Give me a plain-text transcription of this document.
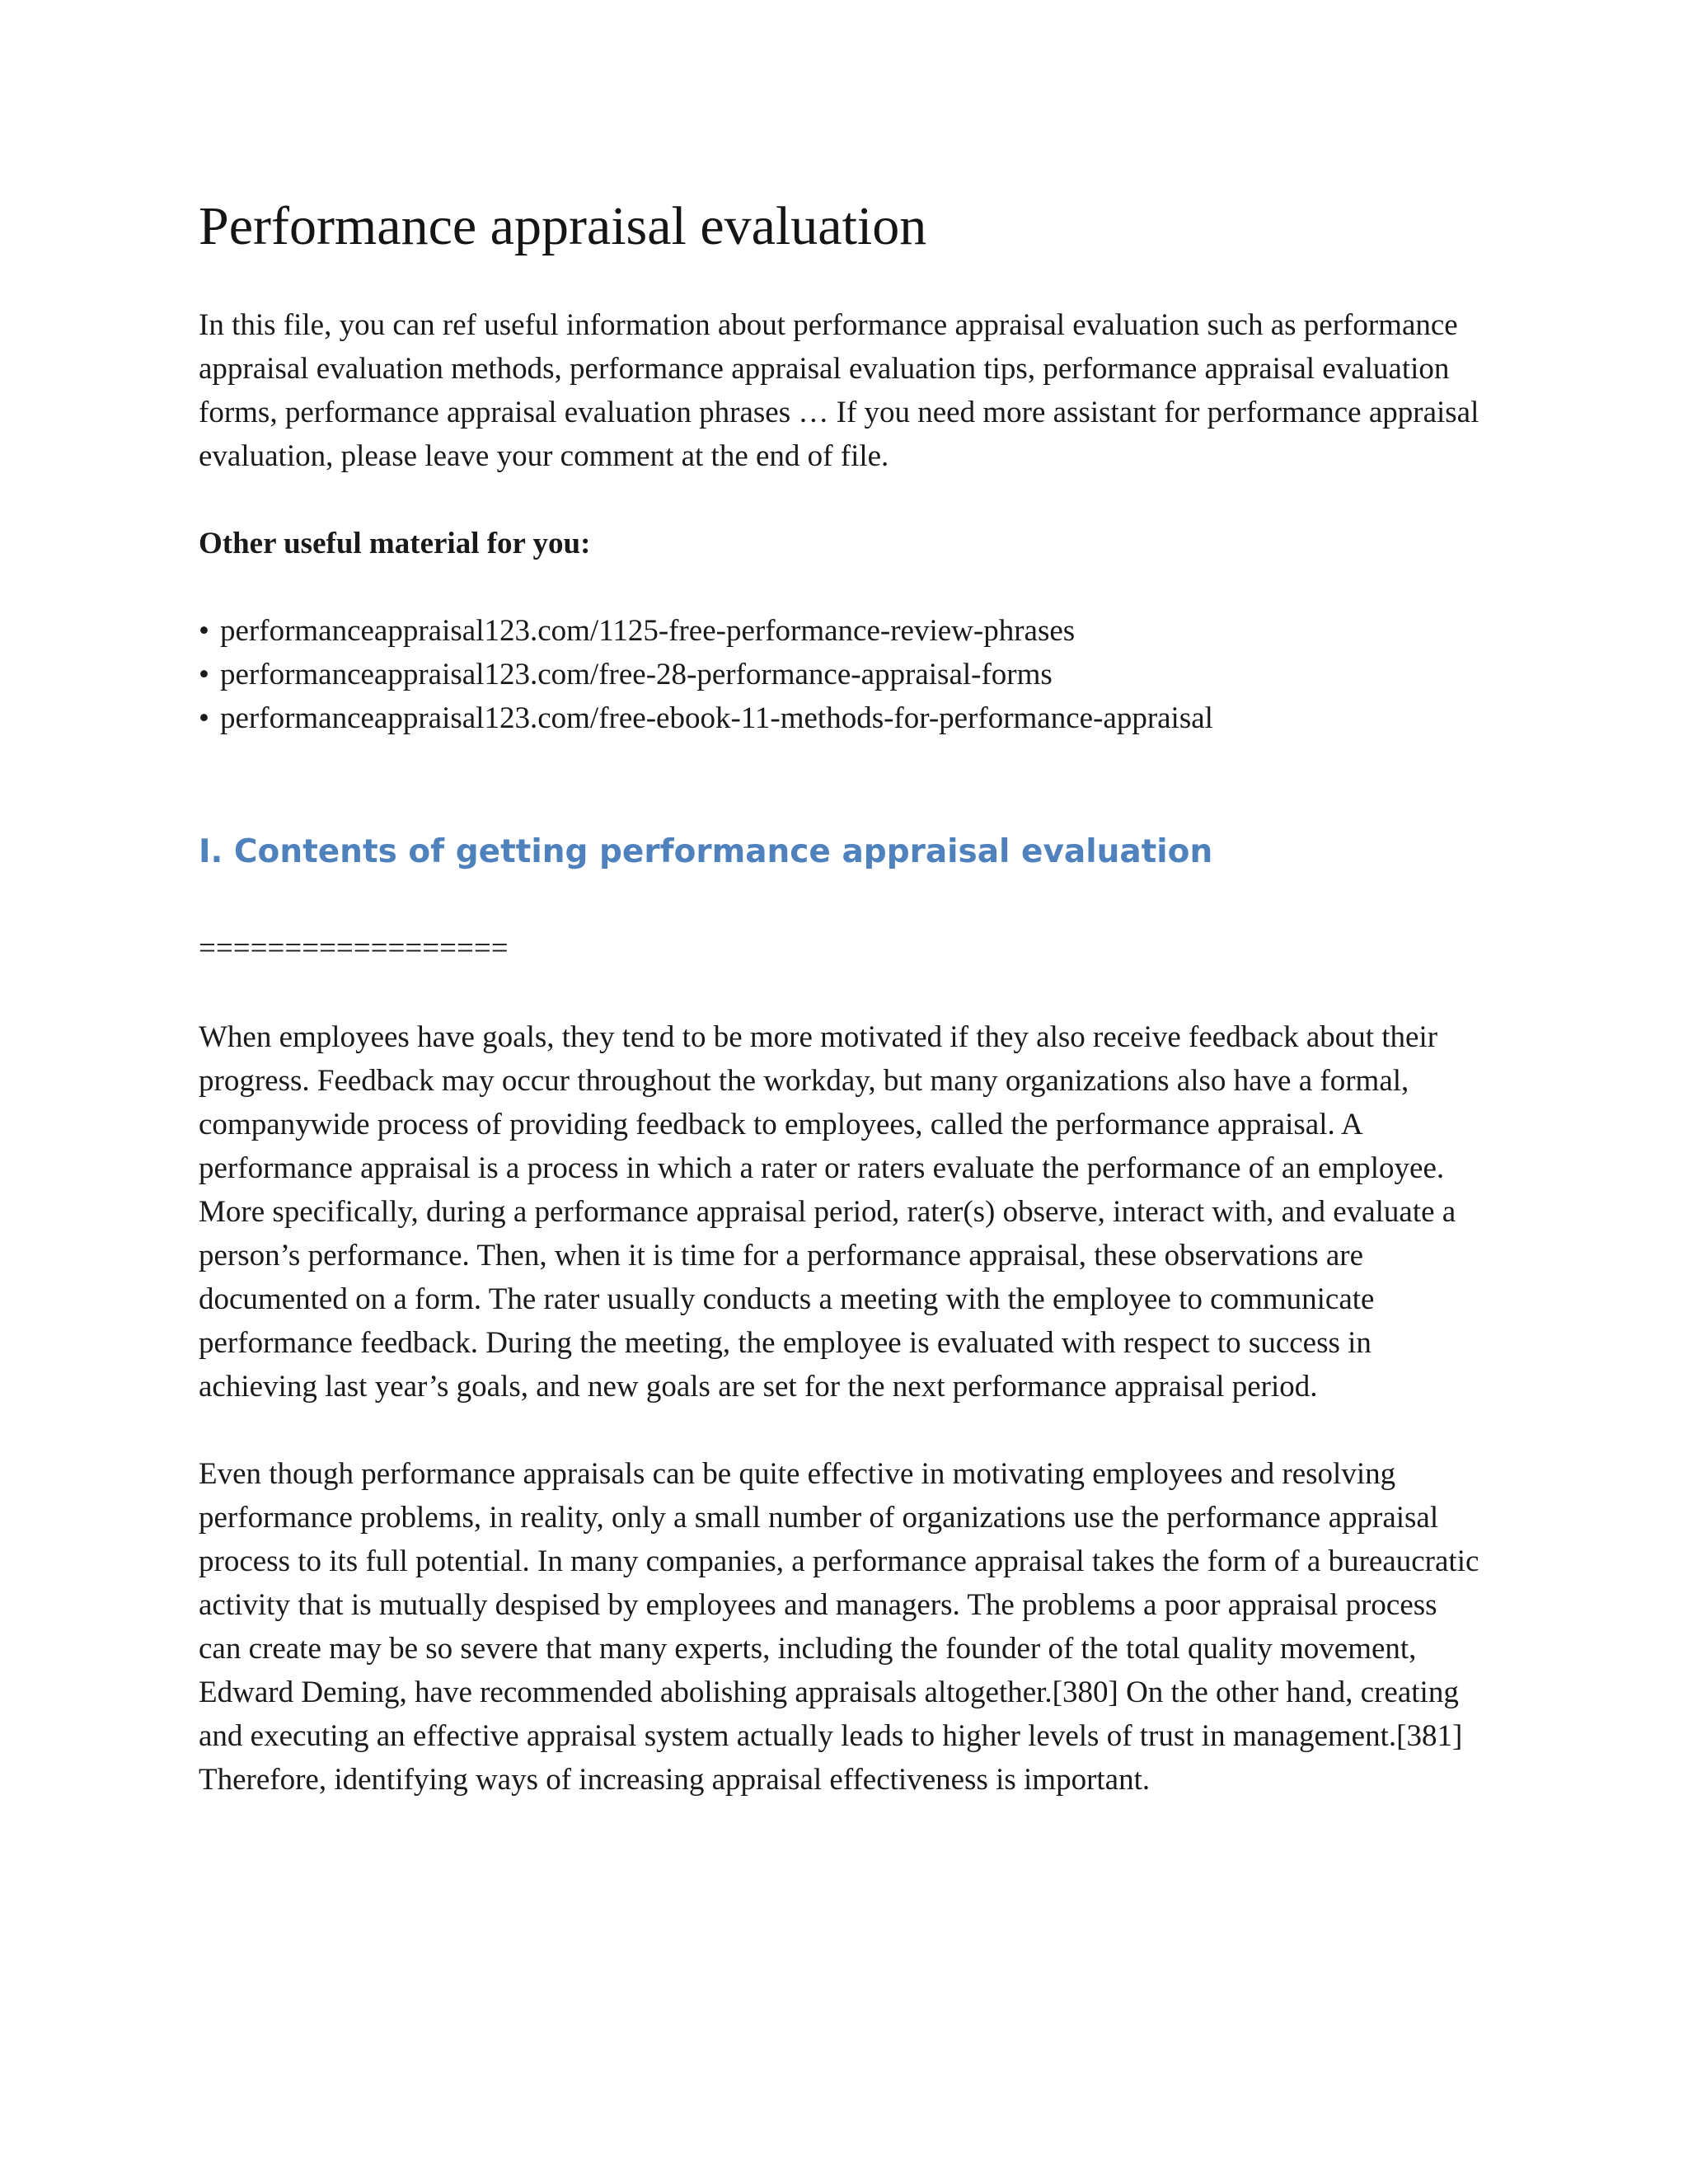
Performance appraisal evaluation

In this file, you can ref useful information about performance appraisal evaluation such as performance appraisal evaluation methods, performance appraisal evaluation tips, performance appraisal evaluation forms, performance appraisal evaluation phrases … If you need more assistant for performance appraisal evaluation, please leave your comment at the end of file.

Other useful material for you:

• performanceappraisal123.com/1125-free-performance-review-phrases
• performanceappraisal123.com/free-28-performance-appraisal-forms
• performanceappraisal123.com/free-ebook-11-methods-for-performance-appraisal
I. Contents of getting performance appraisal evaluation
==================

When employees have goals, they tend to be more motivated if they also receive feedback about their progress. Feedback may occur throughout the workday, but many organizations also have a formal, companywide process of providing feedback to employees, called the performance appraisal. A performance appraisal is a process in which a rater or raters evaluate the performance of an employee. More specifically, during a performance appraisal period, rater(s) observe, interact with, and evaluate a person’s performance. Then, when it is time for a performance appraisal, these observations are documented on a form. The rater usually conducts a meeting with the employee to communicate performance feedback. During the meeting, the employee is evaluated with respect to success in achieving last year’s goals, and new goals are set for the next performance appraisal period.

Even though performance appraisals can be quite effective in motivating employees and resolving performance problems, in reality, only a small number of organizations use the performance appraisal process to its full potential. In many companies, a performance appraisal takes the form of a bureaucratic activity that is mutually despised by employees and managers. The problems a poor appraisal process can create may be so severe that many experts, including the founder of the total quality movement, Edward Deming, have recommended abolishing appraisals altogether.[380] On the other hand, creating and executing an effective appraisal system actually leads to higher levels of trust in management.[381] Therefore, identifying ways of increasing appraisal effectiveness is important.
